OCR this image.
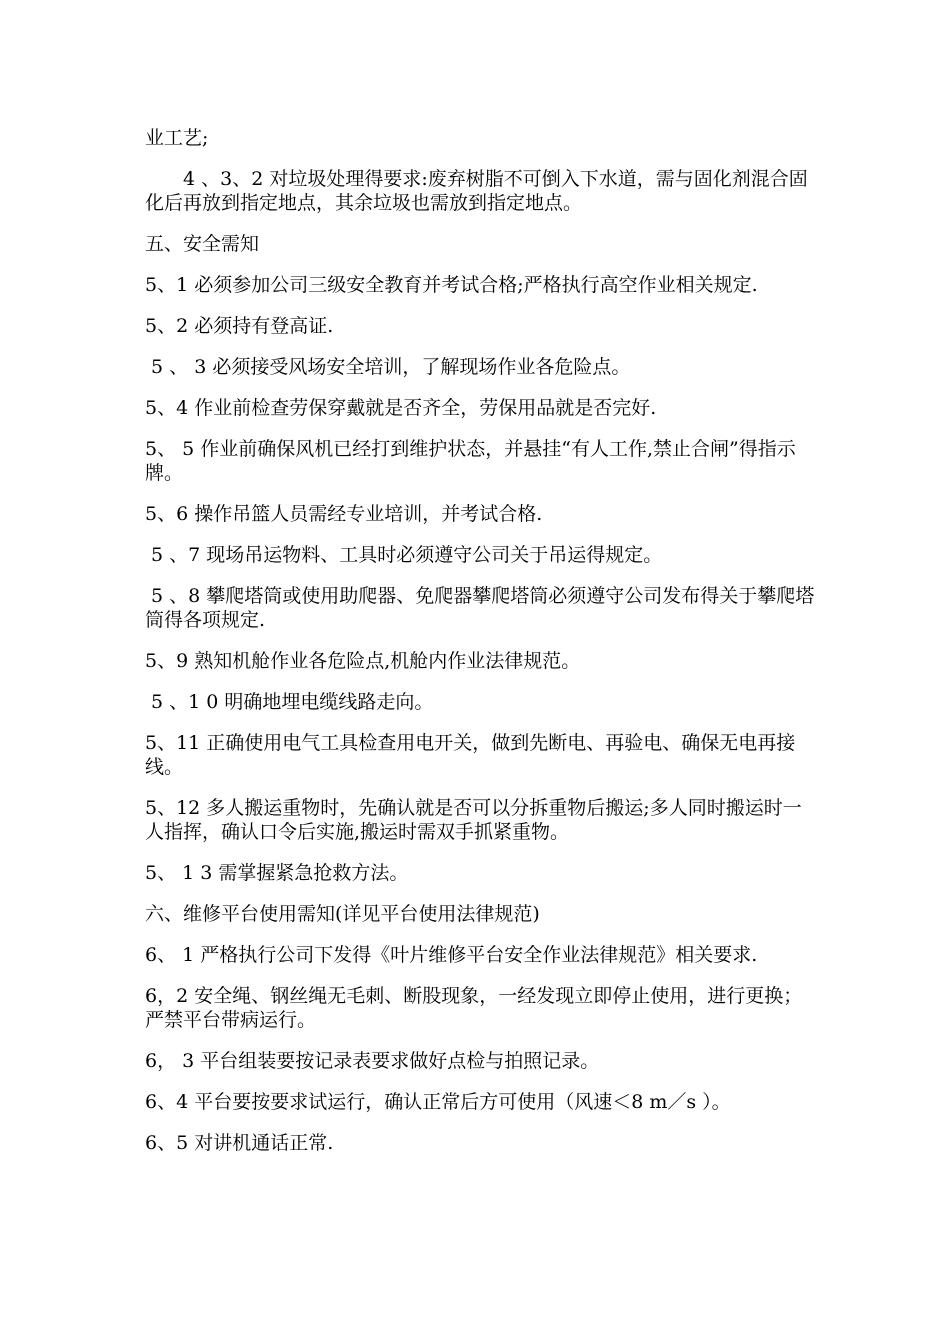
业工艺;

4 、3、2 对垃圾处理得要求:废弃树脂不可倒入下水道，需与固化剂混合固化后再放到指定地点，其余垃圾也需放到指定地点。

五、安全需知

5、1 必须参加公司三级安全教育并考试合格;严格执行高空作业相关规定.

5、2 必须持有登高证.

5 、 3 必须接受风场安全培训，了解现场作业各危险点。

5、4 作业前检查劳保穿戴就是否齐全，劳保用品就是否完好.

5、 5 作业前确保风机已经打到维护状态，并悬挂“有人工作,禁止合闸”得指示牌。

5、6 操作吊篮人员需经专业培训，并考试合格.

5 、7 现场吊运物料、工具时必须遵守公司关于吊运得规定。

5 、8 攀爬塔筒或使用助爬器、免爬器攀爬塔筒必须遵守公司发布得关于攀爬塔筒得各项规定.

5、9 熟知机舱作业各危险点,机舱内作业法律规范。

5 、1 0 明确地埋电缆线路走向。

5、11 正确使用电气工具检查用电开关，做到先断电、再验电、确保无电再接线。

5、12 多人搬运重物时，先确认就是否可以分拆重物后搬运;多人同时搬运时一人指挥，确认口令后实施,搬运时需双手抓紧重物。

5、 1 3 需掌握紧急抢救方法。

六、维修平台使用需知(详见平台使用法律规范)

6、 1 严格执行公司下发得《叶片维修平台安全作业法律规范》相关要求.

6，2 安全绳、钢丝绳无毛刺、断股现象，一经发现立即停止使用，进行更换；严禁平台带病运行。

6， 3 平台组装要按记录表要求做好点检与拍照记录。

6、4 平台要按要求试运行，确认正常后方可使用（风速＜8 m／s ）。

6、5 对讲机通话正常.
